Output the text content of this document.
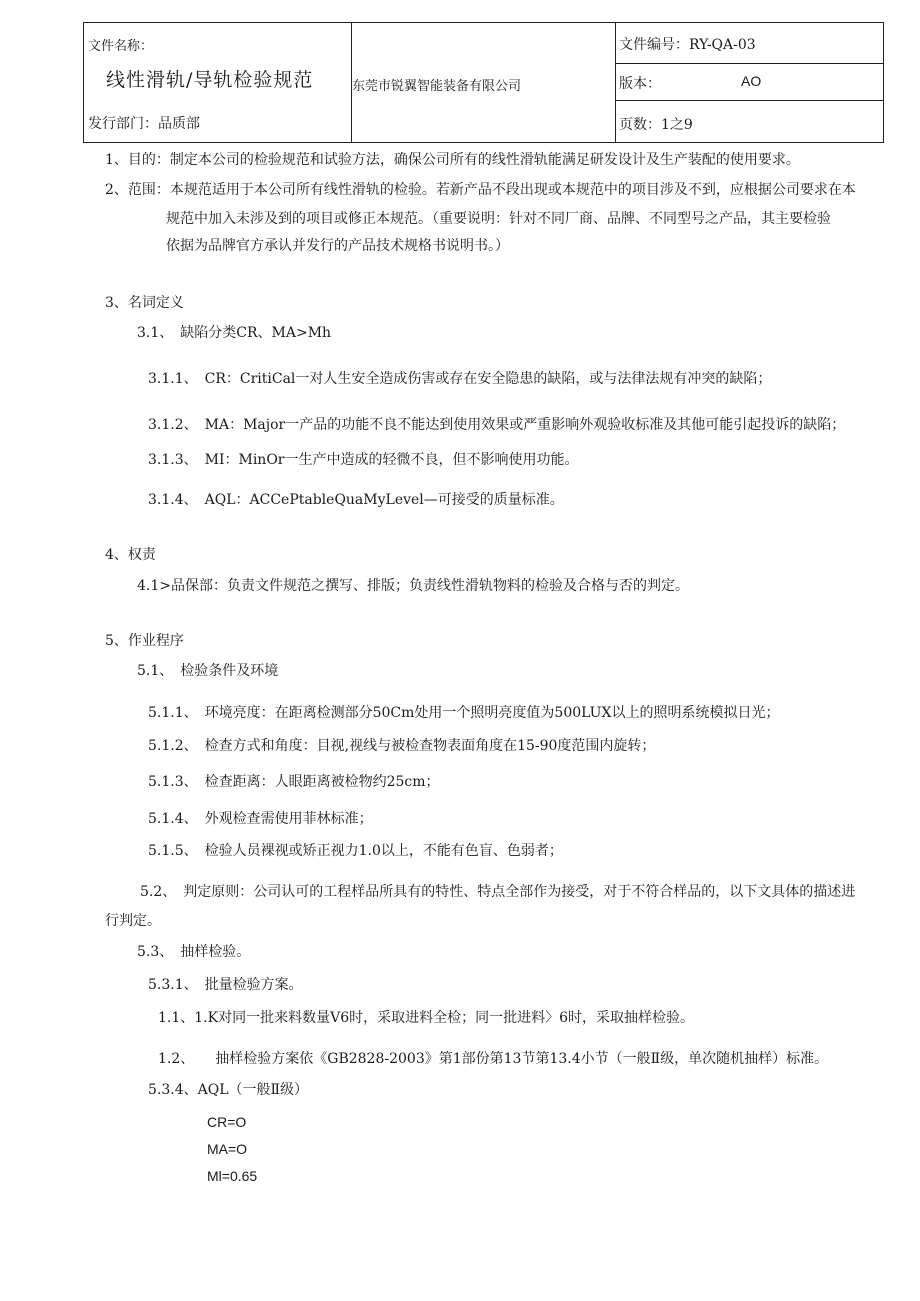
文件名称：
线性滑轨/导轨检验规范
发行部门：品质部
东莞市锐翼智能装备有限公司
文件编号：RY-QA-03
版本：	AO
页数：1之9
1、目的：制定本公司的检验规范和试验方法，确保公司所有的线性滑轨能满足研发设计及生产装配的使用要求。
2、范围：本规范适用于本公司所有线性滑轨的检验。若新产品不段出现或本规范中的项目涉及不到，应根据公司要求在本
规范中加入未涉及到的项目或修正本规范。（重要说明：针对不同厂商、品牌、不同型号之产品，其主要检验
依据为品牌官方承认并发行的产品技术规格书说明书。）
3、名词定义
3.1、　缺陷分类CR、MA>Mh
3.1.1、　CR：CritiCal一对人生安全造成伤害或存在安全隐患的缺陷，或与法律法规有冲突的缺陷；
3.1.2、　MA：Major一产品的功能不良不能达到使用效果或严重影响外观验收标准及其他可能引起投诉的缺陷；
3.1.3、　MI：MinOr一生产中造成的轻微不良，但不影响使用功能。
3.1.4、　AQL：ACCePtableQuaMyLevel—可接受的质量标准。
4、权责
4.1>品保部：负责文件规范之撰写、排版；负责线性滑轨物料的检验及合格与否的判定。
5、作业程序
5.1、　检验条件及环境
5.1.1、　环境亮度：在距离检测部分50Cm处用一个照明亮度值为500LUX以上的照明系统模拟日光；
5.1.2、　检查方式和角度：目视,视线与被检查物表面角度在15-90度范围内旋转；
5.1.3、　检查距离：人眼距离被检物约25cm；
5.1.4、　外观检查需使用菲林标准；
5.1.5、　检验人员裸视或矫正视力1.0以上，不能有色盲、色弱者；
5.2、　判定原则：公司认可的工程样品所具有的特性、特点全部作为接受，对于不符合样品的，以下文具体的描述进
行判定。
5.3、　抽样检验。
5.3.1、　批量检验方案。
1.1、1.K对同一批来料数量V6时，采取进料全检；同一批进料〉6时，采取抽样检验。
1.2、　　抽样检验方案依《GB2828-2003》第1部份第13节第13.4小节（一般Ⅱ级，单次随机抽样）标准。
5.3.4、AQL（一般Ⅱ级）
CR=O
MA=O
Ml=0.65
